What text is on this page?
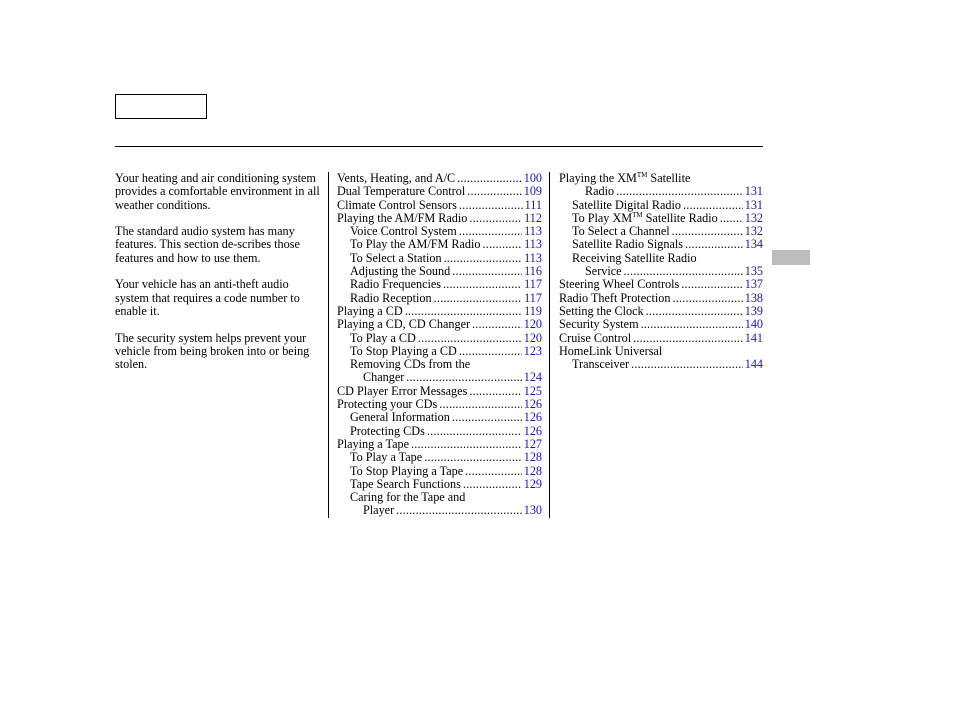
Your heating and air conditioning system provides a comfortable environment in all weather conditions.

The standard audio system has many features. This section de-scribes those features and how to use them.

Your vehicle has an anti-theft audio system that requires a code number to enable it.

The security system helps prevent your vehicle from being broken into or being stolen.

Vents, Heating, and A/C .....	100
Dual Temperature Control .....	109
Climate Control Sensors .....	111
Playing the AM/FM Radio .....	112
Voice Control System .....	113
To Play the AM/FM Radio .....	113
To Select a Station .....	113
Adjusting the Sound .....	116
Radio Frequencies .....	117
Radio Reception .....	117
Playing a CD .....	119
Playing a CD, CD Changer .....	120
To Play a CD .....	120
To Stop Playing a CD .....	123
Removing CDs from the
Changer .....	124
CD Player Error Messages .....	125
Protecting your CDs .....	126
General Information .....	126
Protecting CDs .....	126
Playing a Tape .....	127
To Play a Tape .....	128
To Stop Playing a Tape .....	128
Tape Search Functions .....	129
Caring for the Tape and
Player .....	130
Playing the XM™ Satellite
Radio .....	131
Satellite Digital Radio .....	131
To Play XM™ Satellite Radio ..... 132
To Select a Channel .....	132
Satellite Radio Signals .....	134
Receiving Satellite Radio
Service .....	135
Steering Wheel Controls .....	137
Radio Theft Protection .....	138
Setting the Clock .....	139
Security System .....	140
Cruise Control .....	141
HomeLink Universal
Transceiver .....	144
